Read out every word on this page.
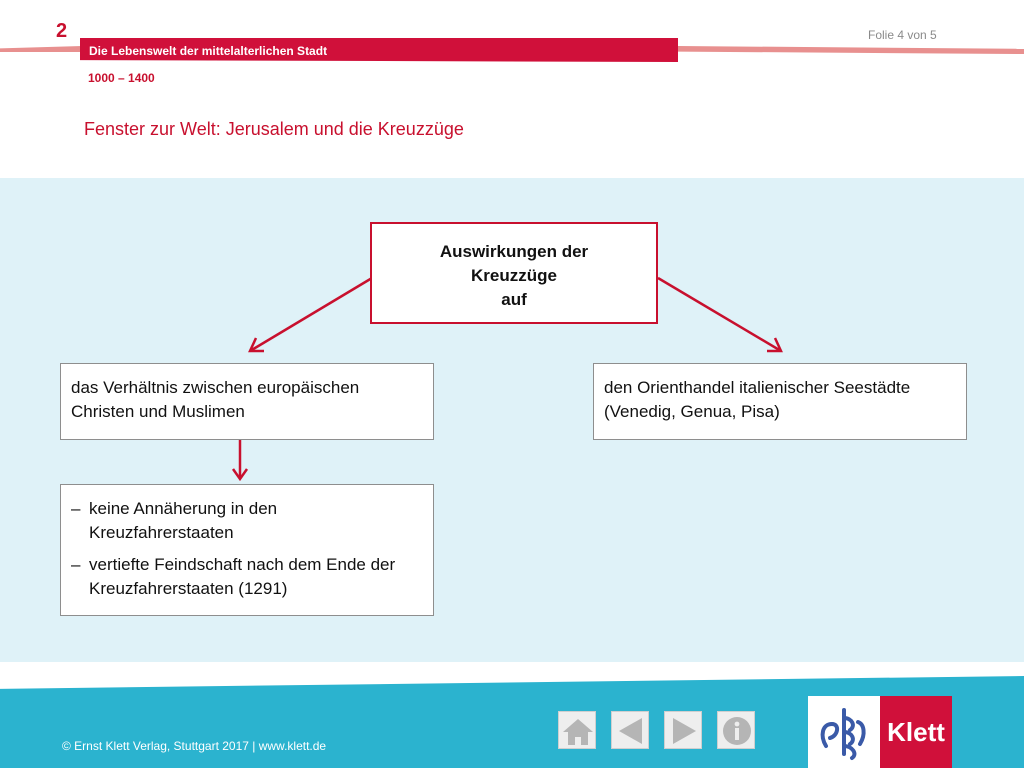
2	Folie 4 von 5
Die Lebenswelt der mittelalterlichen Stadt
1000 – 1400
Fenster zur Welt: Jerusalem und die Kreuzzüge
Auswirkungen der
Kreuzzüge
auf
das Verhältnis zwischen europäischen Christen und Muslimen
den Orienthandel italienischer Seestädte (Venedig, Genua, Pisa)
– keine Annäherung in den Kreuzfahrerstaaten
– vertiefte Feindschaft nach dem Ende der Kreuzfahrerstaaten (1291)
© Ernst Klett Verlag, Stuttgart 2017 | www.klett.de	Klett
